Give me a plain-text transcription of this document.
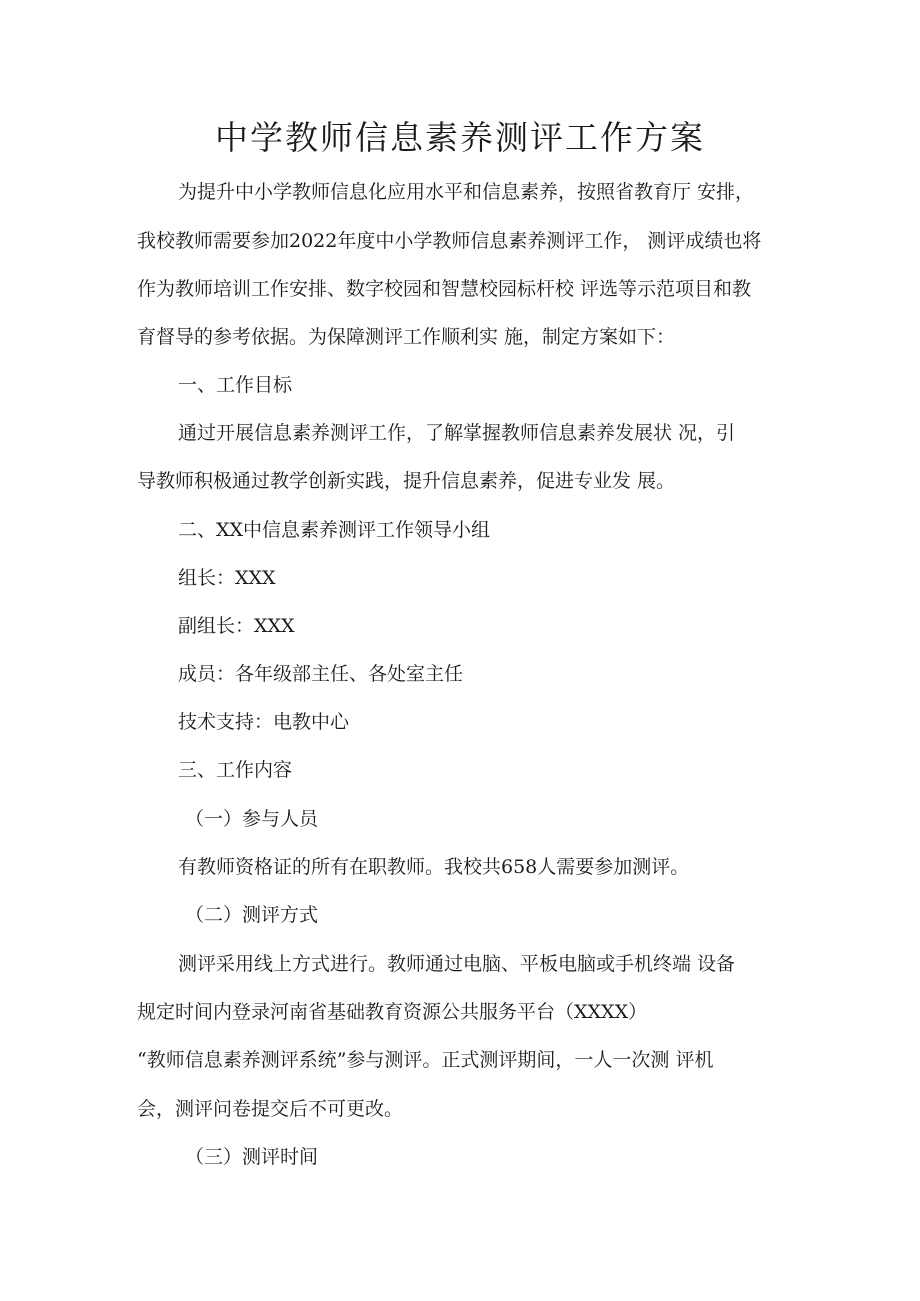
中学教师信息素养测评工作方案
为提升中小学教师信息化应用水平和信息素养，按照省教育厅 安排，
我校教师需要参加2022年度中小学教师信息素养测评工作， 测评成绩也将
作为教师培训工作安排、数字校园和智慧校园标杆校 评选等示范项目和教
育督导的参考依据。为保障测评工作顺利实 施，制定方案如下：
一、工作目标
通过开展信息素养测评工作，了解掌握教师信息素养发展状 况，引
导教师积极通过教学创新实践，提升信息素养，促进专业发 展。
二、XX中信息素养测评工作领导小组
组长：XXX
副组长：XXX
成员：各年级部主任、各处室主任
技术支持：电教中心
三、工作内容
（一）参与人员
有教师资格证的所有在职教师。我校共658人需要参加测评。
（二）测评方式
测评采用线上方式进行。教师通过电脑、平板电脑或手机终端 设备
规定时间内登录河南省基础教育资源公共服务平台（XXXX）
“教师信息素养测评系统”参与测评。正式测评期间，一人一次测 评机
会，测评问卷提交后不可更改。
（三）测评时间
